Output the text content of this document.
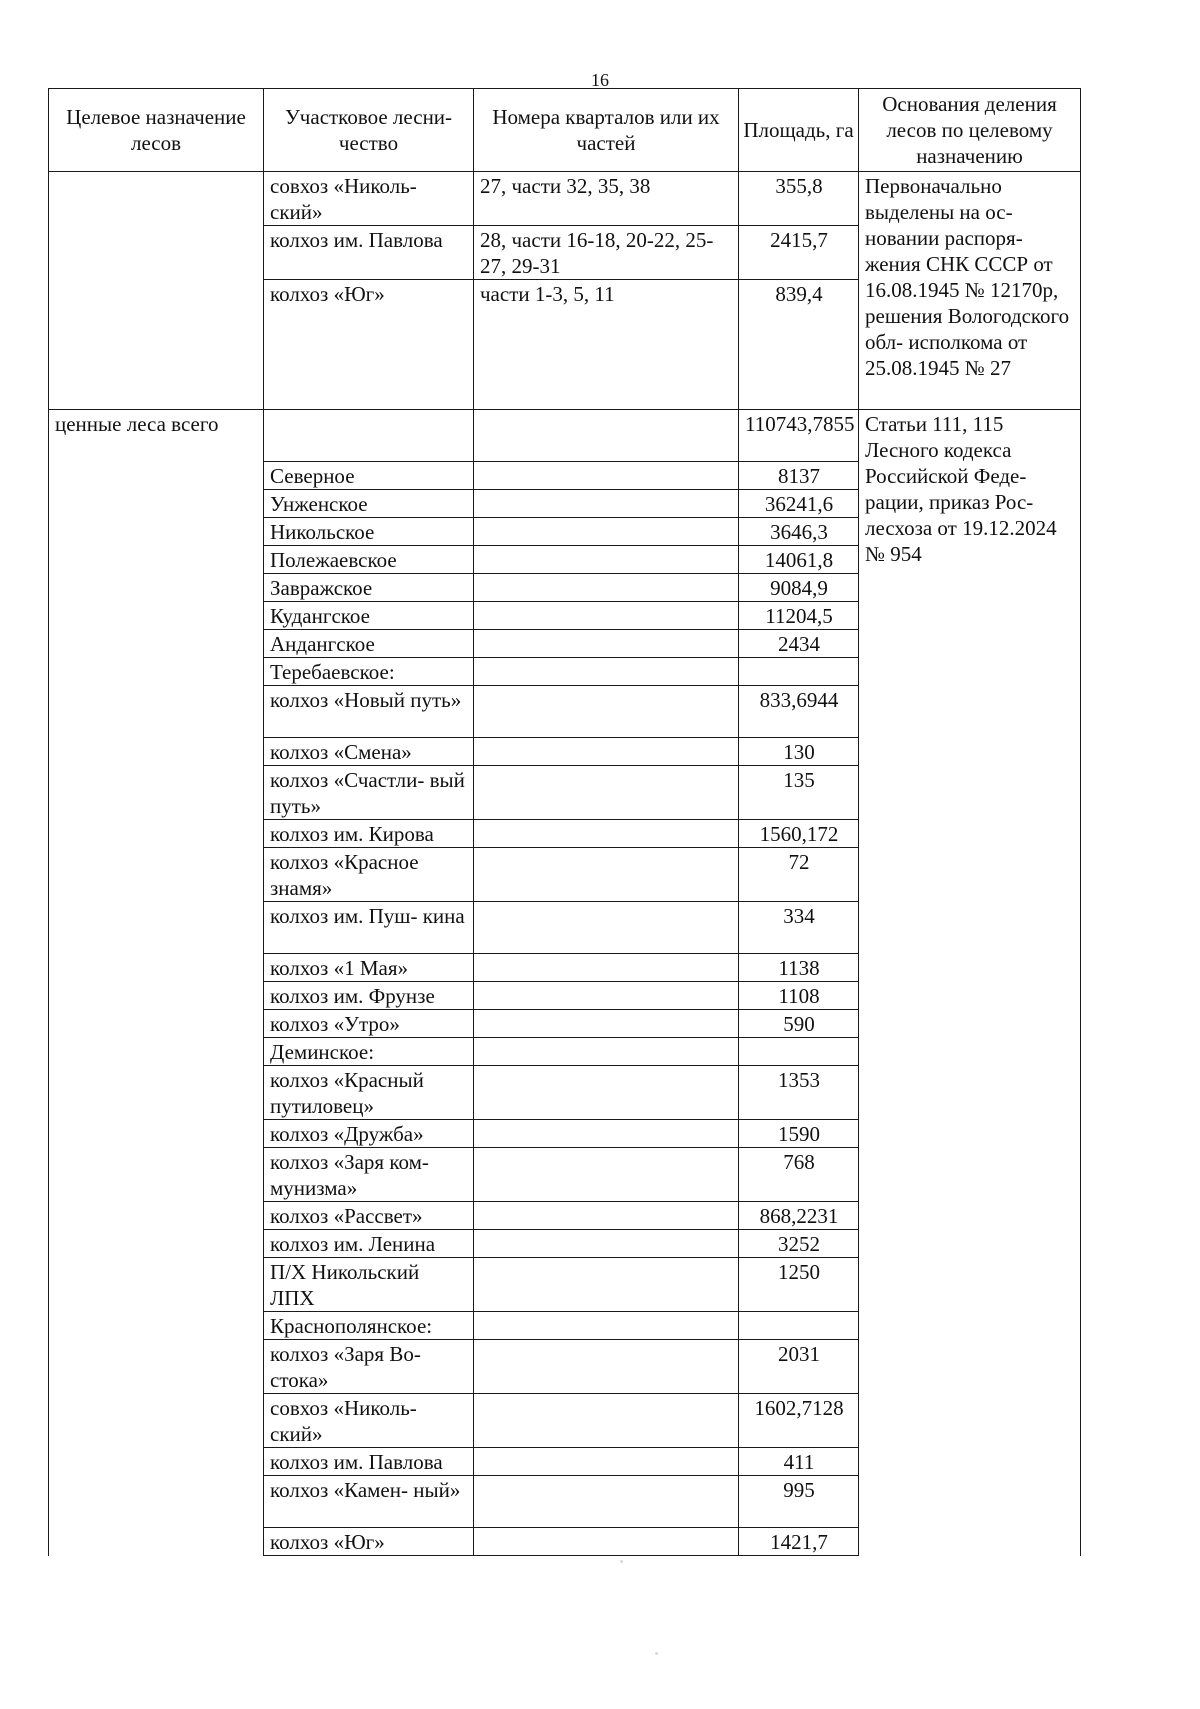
16
Целевое назначение лесов	Участковое лесни- чество	Номера кварталов или их частей	Площадь, га	Основания деления лесов по целевому назначению
	совхоз «Николь- ский»	27, части 32, 35, 38	355,8	Первоначально выделены на ос- новании распоря- жения СНК СССР от 16.08.1945 № 12170р, решения Вологодского обл- исполкома от 25.08.1945 № 27
	колхоз им. Павлова	28, части 16-18, 20-22, 25-27, 29-31	2415,7	
	колхоз «Юг»	части 1-3, 5, 11	839,4	
ценные леса всего			110743,7855	Статьи 111, 115 Лесного кодекса Российской Феде- рации, приказ Рос- лесхоза от 19.12.2024 № 954
	Северное		8137	
	Унженское		36241,6	
	Никольское		3646,3	
	Полежаевское		14061,8	
	Завражское		9084,9	
	Кудангское		11204,5	
	Андангское		2434	
	Теребаевское:			
	колхоз «Новый путь»		833,6944	
	колхоз «Смена»		130	
	колхоз «Счастли- вый путь»		135	
	колхоз им. Кирова		1560,172	
	колхоз «Красное знамя»		72	
	колхоз им. Пуш- кина		334	
	колхоз «1 Мая»		1138	
	колхоз им. Фрунзе		1108	
	колхоз «Утро»		590	
	Деминское:			
	колхоз «Красный путиловец»		1353	
	колхоз «Дружба»		1590	
	колхоз «Заря ком- мунизма»		768	
	колхоз «Рассвет»		868,2231	
	колхоз им. Ленина		3252	
	П/Х Никольский ЛПХ		1250	
	Краснополянское:			
	колхоз «Заря Во- стока»		2031	
	совхоз «Николь- ский»		1602,7128	
	колхоз им. Павлова		411	
	колхоз «Камен- ный»		995	
	колхоз «Юг»		1421,7	
